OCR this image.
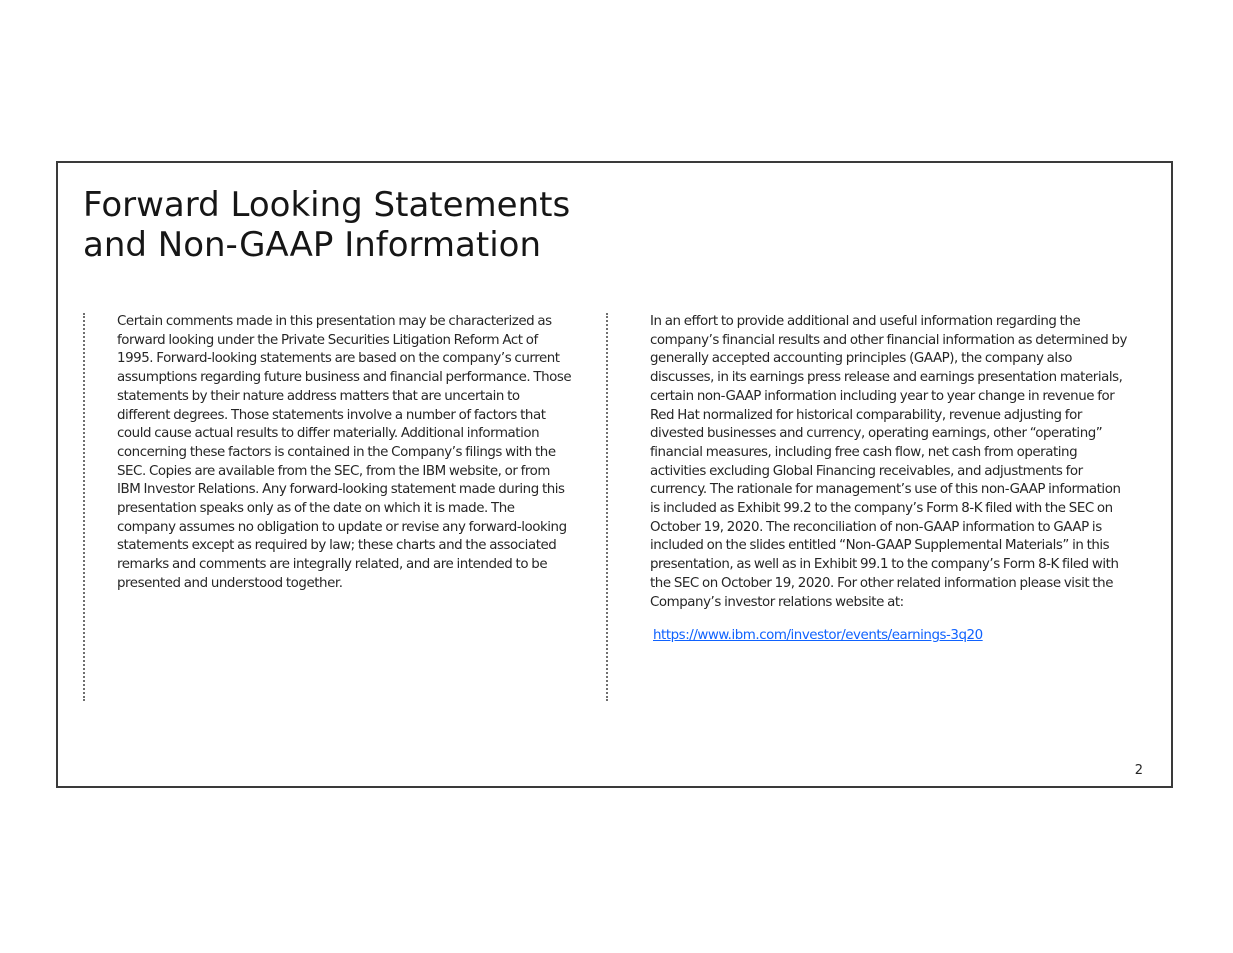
Forward Looking Statements
and Non-GAAP Information

Certain comments made in this presentation may be characterized as forward looking under the Private Securities Litigation Reform Act of 1995. Forward-looking statements are based on the company’s current assumptions regarding future business and financial performance. Those statements by their nature address matters that are uncertain to different degrees. Those statements involve a number of factors that could cause actual results to differ materially. Additional information concerning these factors is contained in the Company’s filings with the SEC. Copies are available from the SEC, from the IBM website, or from IBM Investor Relations. Any forward-looking statement made during this presentation speaks only as of the date on which it is made. The company assumes no obligation to update or revise any forward-looking statements except as required by law; these charts and the associated remarks and comments are integrally related, and are intended to be presented and understood together.

In an effort to provide additional and useful information regarding the company’s financial results and other financial information as determined by generally accepted accounting principles (GAAP), the company also discusses, in its earnings press release and earnings presentation materials, certain non-GAAP information including year to year change in revenue for Red Hat normalized for historical comparability, revenue adjusting for divested businesses and currency, operating earnings, other “operating” financial measures, including free cash flow, net cash from operating activities excluding Global Financing receivables, and adjustments for currency. The rationale for management’s use of this non-GAAP information is included as Exhibit 99.2 to the company’s Form 8-K filed with the SEC on October 19, 2020. The reconciliation of non-GAAP information to GAAP is included on the slides entitled “Non-GAAP Supplemental Materials” in this presentation, as well as in Exhibit 99.1 to the company’s Form 8-K filed with the SEC on October 19, 2020. For other related information please visit the Company’s investor relations website at:

https://www.ibm.com/investor/events/earnings-3q20
2
